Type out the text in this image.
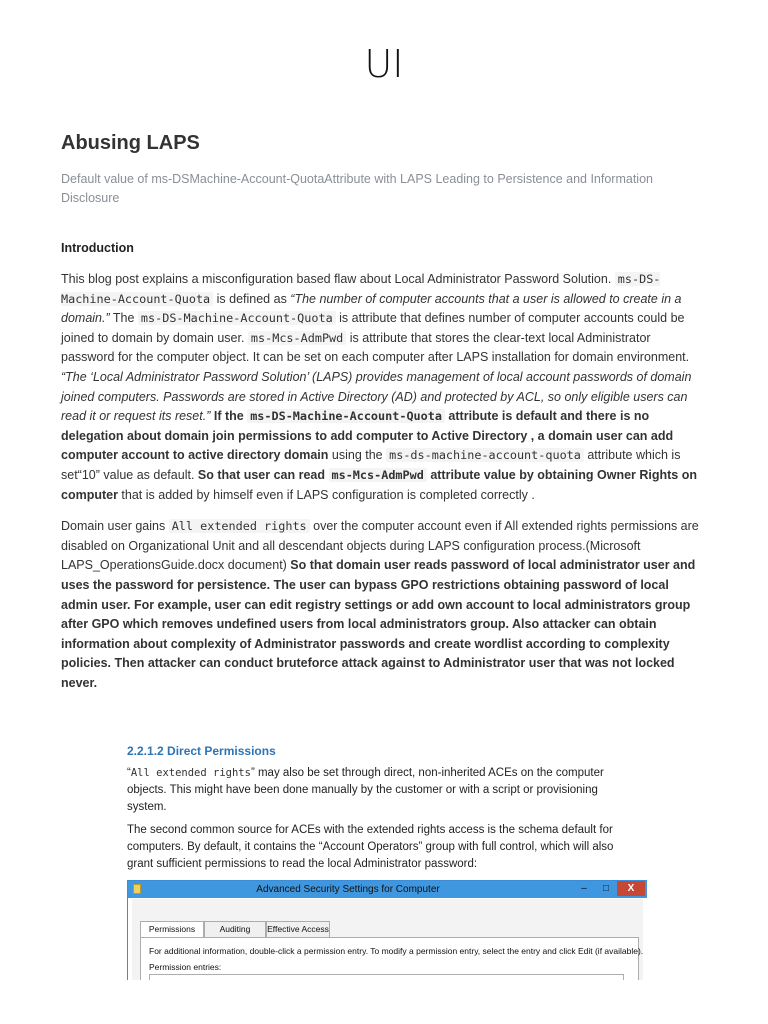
UI
Abusing LAPS
Default value of ms-DSMachine-Account-QuotaAttribute with LAPS Leading to Persistence and Information Disclosure
Introduction

This blog post explains a misconfiguration based flaw about Local Administrator Password Solution. ms-DS-Machine-Account-Quota is defined as “The number of computer accounts that a user is allowed to create in a domain.” The ms-DS-Machine-Account-Quota is attribute that defines number of computer accounts could be joined to domain by domain user. ms-Mcs-AdmPwd is attribute that stores the clear-text local Administrator password for the computer object. It can be set on each computer after LAPS installation for domain environment. “The ‘Local Administrator Password Solution’ (LAPS) provides management of local account passwords of domain joined computers. Passwords are stored in Active Directory (AD) and protected by ACL, so only eligible users can read it or request its reset.” If the ms-DS-Machine-Account-Quota attribute is default and there is no delegation about domain join permissions to add computer to Active Directory , a domain user can add computer account to active directory domain using the ms-ds-machine-account-quota attribute which is set“10” value as default. So that user can read ms-Mcs-AdmPwd attribute value by obtaining Owner Rights on computer that is added by himself even if LAPS configuration is completed correctly .

Domain user gains All extended rights over the computer account even if All extended rights permissions are disabled on Organizational Unit and all descendant objects during LAPS configuration process.(Microsoft LAPS_OperationsGuide.docx document) So that domain user reads password of local administrator user and uses the password for persistence. The user can bypass GPO restrictions obtaining password of local admin user. For example, user can edit registry settings or add own account to local administrators group after GPO which removes undefined users from local administrators group. Also attacker can obtain information about complexity of Administrator passwords and create wordlist according to complexity policies. Then attacker can conduct bruteforce attack against to Administrator user that was not locked never.

2.2.1.2 Direct Permissions
“All extended rights” may also be set through direct, non-inherited ACEs on the computer objects. This might have been done manually by the customer or with a script or provisioning system.
The second common source for ACEs with the extended rights access is the schema default for computers. By default, it contains the “Account Operators” group with full control, which will also grant sufficient permissions to read the local Administrator password:
Advanced Security Settings for Computer	–	□	X
Permissions	Auditing	Effective Access
For additional information, double-click a permission entry. To modify a permission entry, select the entry and click Edit (if available).
Permission entries:
